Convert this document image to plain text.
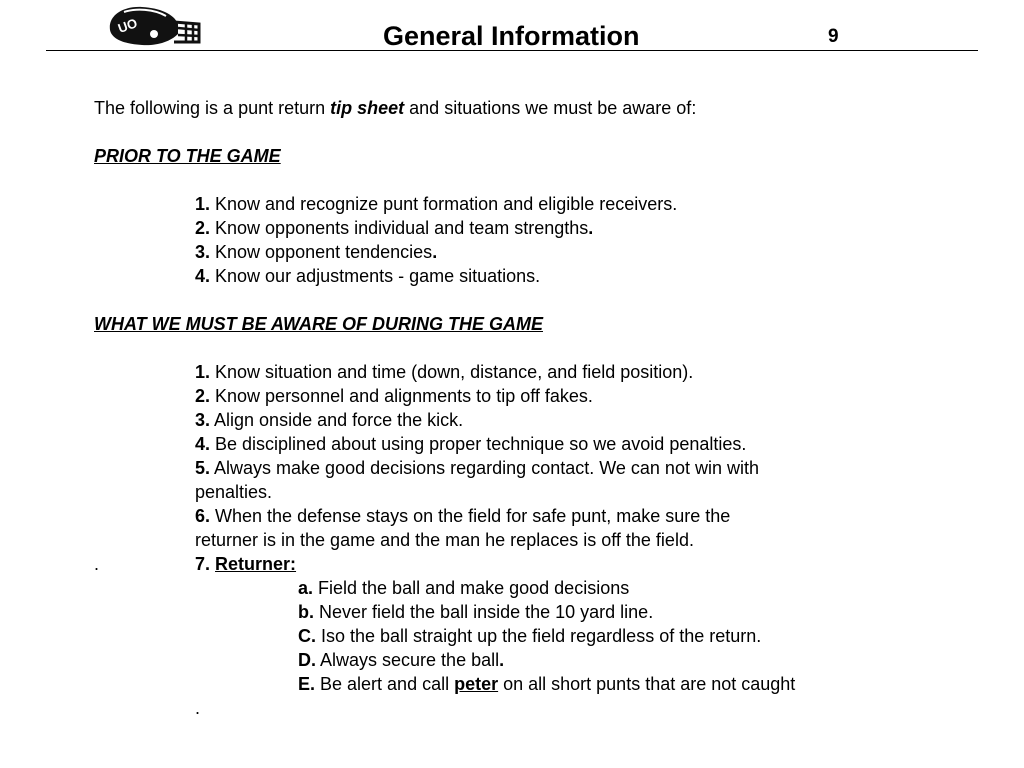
UO	General Information	9
The following is a punt return tip sheet and situations we must be aware of:
PRIOR TO THE GAME
1. Know and recognize punt formation and eligible receivers.
2. Know opponents individual and team strengths.
3. Know opponent tendencies.
4. Know our adjustments - game situations.
WHAT WE MUST BE AWARE OF DURING THE GAME
1. Know situation and time (down, distance, and field position).
2. Know personnel and alignments to tip off fakes.
3. Align onside and force the kick.
4. Be disciplined about using proper technique so we avoid penalties.
5. Always make good decisions regarding contact. We can not win with
penalties.
6. When the defense stays on the field for safe punt, make sure the
returner is in the game and the man he replaces is off the field.
.	7. Returner:
a. Field the ball and make good decisions
b. Never field the ball inside the 10 yard line.
C. Iso the ball straight up the field regardless of the return.
D. Always secure the ball.
E. Be alert and call peter on all short punts that are not caught
.
